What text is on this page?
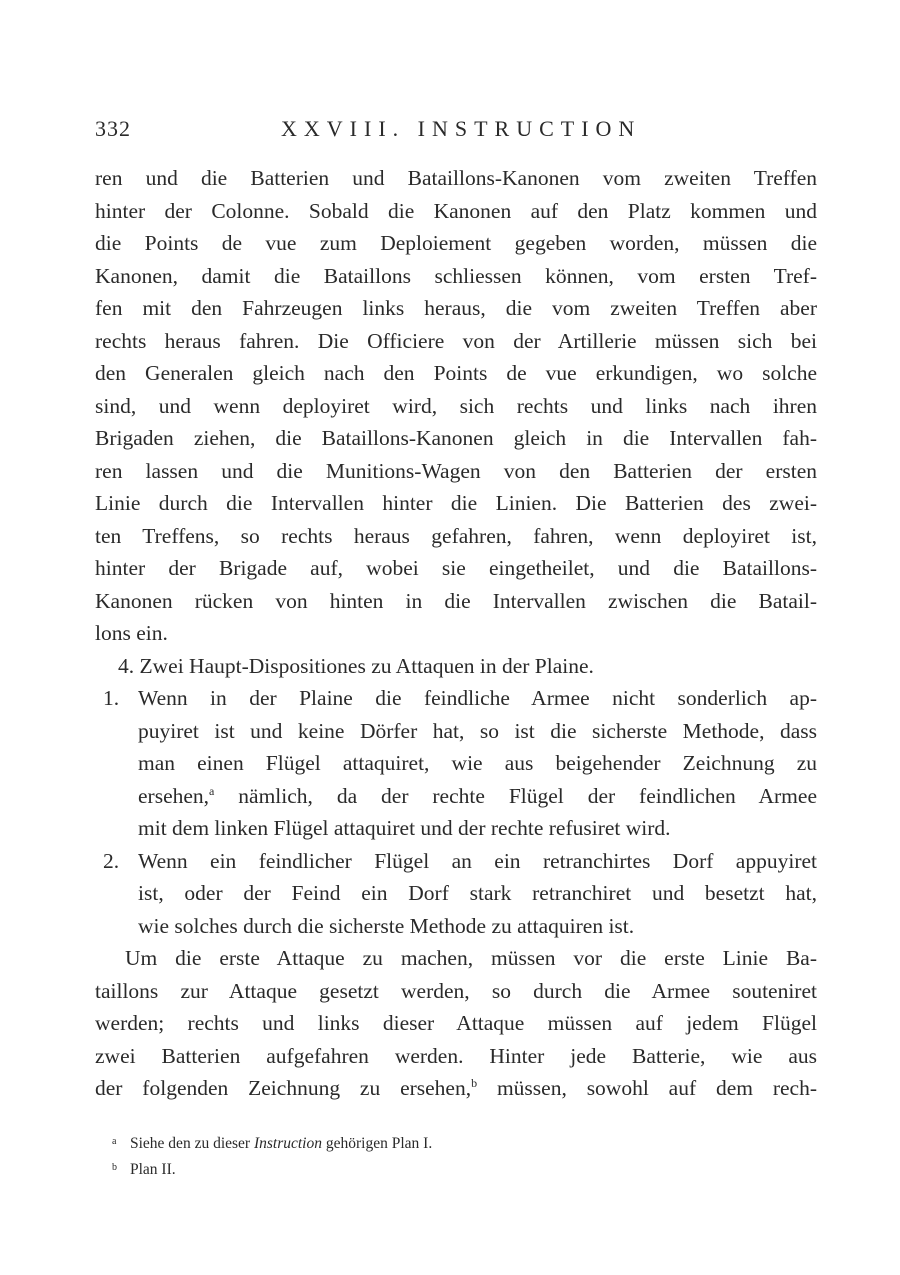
332	XXVIII. INSTRUCTION
ren und die Batterien und Bataillons-Kanonen vom zweiten Treffen
hinter der Colonne. Sobald die Kanonen auf den Platz kommen und
die Points de vue zum Deploiement gegeben worden, müssen die
Kanonen, damit die Bataillons schliessen können, vom ersten Tref-
fen mit den Fahrzeugen links heraus, die vom zweiten Treffen aber
rechts heraus fahren. Die Officiere von der Artillerie müssen sich bei
den Generalen gleich nach den Points de vue erkundigen, wo solche
sind, und wenn deployiret wird, sich rechts und links nach ihren
Brigaden ziehen, die Bataillons-Kanonen gleich in die Intervallen fah-
ren lassen und die Munitions-Wagen von den Batterien der ersten
Linie durch die Intervallen hinter die Linien. Die Batterien des zwei-
ten Treffens, so rechts heraus gefahren, fahren, wenn deployiret ist,
hinter der Brigade auf, wobei sie eingetheilet, und die Bataillons-
Kanonen rücken von hinten in die Intervallen zwischen die Batail-
lons ein.
4. Zwei Haupt-Dispositiones zu Attaquen in der Plaine.
1. Wenn in der Plaine die feindliche Armee nicht sonderlich ap-
puyiret ist und keine Dörfer hat, so ist die sicherste Methode, dass
man einen Flügel attaquiret, wie aus beigehender Zeichnung zu
ersehen,$^a$ nämlich, da der rechte Flügel der feindlichen Armee
mit dem linken Flügel attaquiret und der rechte refusiret wird.
2. Wenn ein feindlicher Flügel an ein retranchirtes Dorf appuyiret
ist, oder der Feind ein Dorf stark retranchiret und besetzt hat,
wie solches durch die sicherste Methode zu attaquiren ist.
Um die erste Attaque zu machen, müssen vor die erste Linie Ba-
taillons zur Attaque gesetzt werden, so durch die Armee souteniret
werden; rechts und links dieser Attaque müssen auf jedem Flügel
zwei Batterien aufgefahren werden. Hinter jede Batterie, wie aus
der folgenden Zeichnung zu ersehen,$^b$ müssen, sowohl auf dem rech-
a Siehe den zu dieser Instruction gehörigen Plan I.
b Plan II.
